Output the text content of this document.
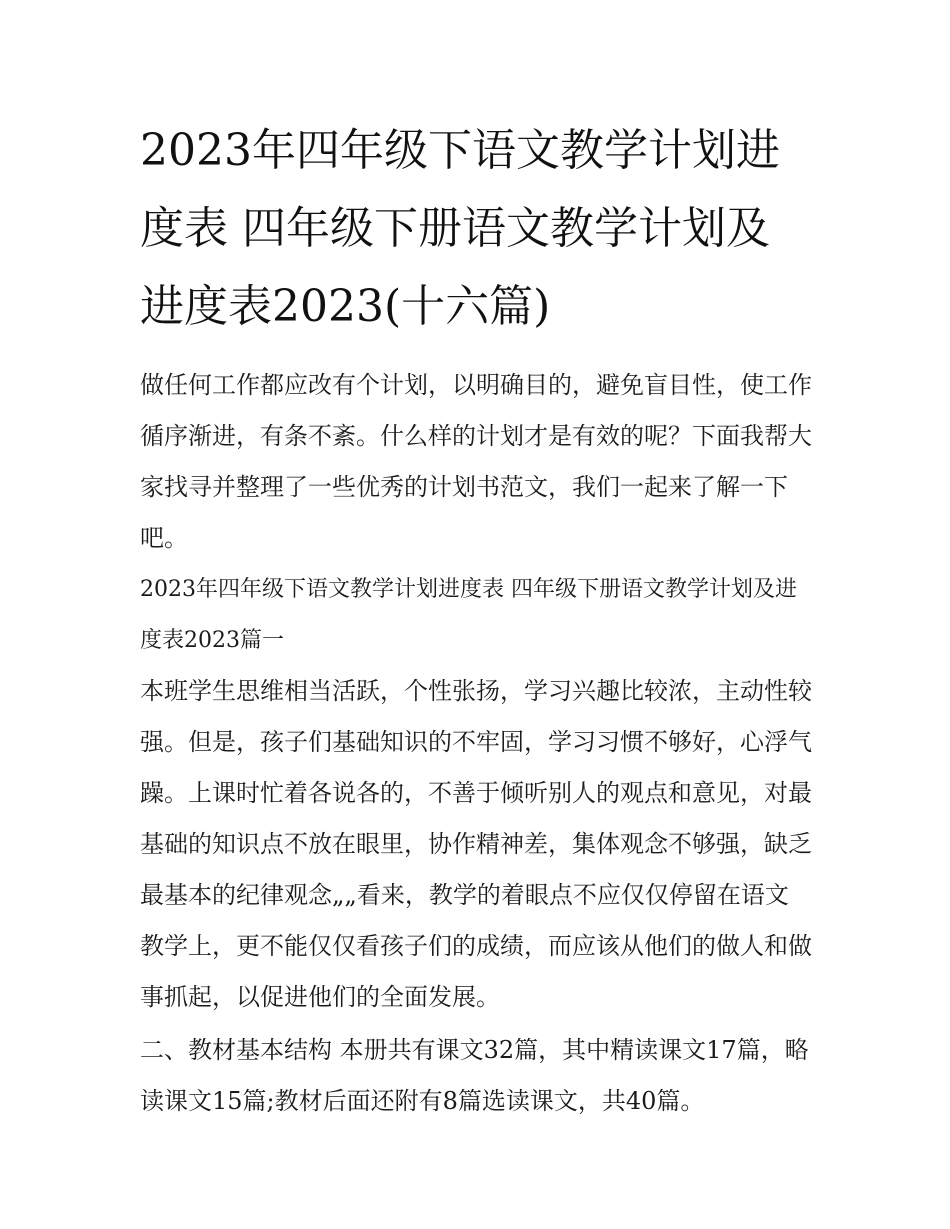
2023年四年级下语文教学计划进度表 四年级下册语文教学计划及进度表2023(十六篇)

做任何工作都应改有个计划，以明确目的，避免盲目性，使工作循序渐进，有条不紊。什么样的计划才是有效的呢？下面我帮大家找寻并整理了一些优秀的计划书范文，我们一起来了解一下吧。

2023年四年级下语文教学计划进度表 四年级下册语文教学计划及进度表2023篇一

本班学生思维相当活跃，个性张扬，学习兴趣比较浓，主动性较强。但是，孩子们基础知识的不牢固，学习习惯不够好，心浮气躁。上课时忙着各说各的，不善于倾听别人的观点和意见，对最基础的知识点不放在眼里，协作精神差，集体观念不够强，缺乏最基本的纪律观念„„看来，教学的着眼点不应仅仅停留在语文教学上，更不能仅仅看孩子们的成绩，而应该从他们的做人和做事抓起，以促进他们的全面发展。

二、教材基本结构 本册共有课文32篇，其中精读课文17篇，略读课文15篇;教材后面还附有8篇选读课文，共40篇。
